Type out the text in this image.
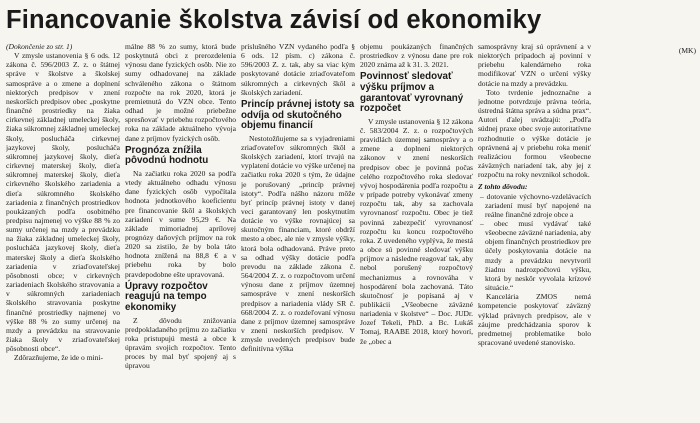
Financovanie školstva závisí od ekonomiky

(Dokončenie zo str. 1)

V zmysle ustanovenia § 6 ods. 12 zákona č. 596/2003 Z. z. o štátnej správe v školstve a školskej samospráve a o zmene a doplnení niektorých predpisov v znení neskorších predpisov obec „poskytne finančné prostriedky na žiaka cirkevnej základnej umeleckej školy, žiaka súkromnej základnej umeleckej školy, poslucháča cirkevnej jazykovej školy, poslucháča súkromnej jazykovej školy, dieťa cirkevnej materskej školy, dieťa súkromnej materskej školy, dieťa cirkevného školského zariadenia a dieťa súkromného školského zariadenia z finančných prostriedkov poukázaných podľa osobitného predpisu najmenej vo výške 88 % zo sumy určenej na mzdy a prevádzku na žiaka základnej umeleckej školy, poslucháča jazykovej školy, dieťa materskej školy a dieťa školského zariadenia v zriaďovateľskej pôsobnosti obce; v cirkevných zariadeniach školského stravovania a v súkromných zariadeniach školského stravovania poskytne finančné prostriedky najmenej vo výške 88 % zo sumy určenej na mzdy a prevádzku na stravovanie žiaka školy v zriaďovateľskej pôsobnosti obce“.

Zdôrazňujeme, že ide o mini-

málne 88 % zo sumy, ktorá bude poskytnutá obci z prerozdelenia výnosu dane fyzických osôb. Nie zo sumy odhadovanej na základe schváleného zákona o štátnom rozpočte na rok 2020, ktorá je premietnutá do VZN obce. Tento odhad je možné priebežne spresňovať v priebehu rozpočtového roka na základe aktuálneho vývoja dane z príjmov fyzických osôb.

Prognóza znížila pôvodnú hodnotu

Na začiatku roka 2020 sa podľa vtedy aktuálneho odhadu výnosu dane fyzických osôb vypočítala hodnota jednotkového koeficientu pre financovanie škôl a školských zariadení v sume 95,29 €. Na základe mimoriadnej aprílovej prognózy daňových príjmov na rok 2020 sa zistilo, že by bola táto hodnota znížená na 88,8 € a v priebehu roka by bolo pravdepodobne ešte upravovaná.

Úpravy rozpočtov reagujú na tempo ekonomiky

Z dôvodu znižovania predpokladaného príjmu zo začiatku roka pristupujú mestá a obce k úpravám svojich rozpočtov. Tento proces by mal byť spojený aj s úpravou

príslušného VZN vydaného podľa § 6 ods. 12 písm. c) zákona č. 596/2003 Z. z. tak, aby sa viac kým poskytované dotácie zriaďovateľom súkromných a cirkevných škôl a školských zariadení.

Princíp právnej istoty sa odvíja od skutočného objemu financií

Nestotožňujeme sa s vyjadreniami zriaďovateľov súkromných škôl a školských zariadení, ktorí trvajú na vyplatení dotácie vo výške určenej na začiatku roka 2020 s tým, že údajne je porušovaný „princíp právnej istoty“. Podľa nášho názoru môže byť princíp právnej istoty v danej veci garantovaný len poskytnutím dotácie vo výške rovnajúcej sa skutočným financiam, ktoré obdrží mesto a obec, ale nie v zmysle výšky, ktorá bola odhadovaná. Práve preto sa odhad výšky dotácie podľa prevodu na základe zákona č. 564/2004 Z. z. o rozpočtovom určení výnosu dane z príjmov územnej samospráve v znení neskorších predpisov a nariadenia vlády SR č. 668/2004 Z. z. o rozdeľovaní výnosu dane z príjmov územnej samospráve v znení neskorších predpisov. V zmysle uvedených predpisov bude definitívna výška

objemu poukázaných finančných prostriedkov z výnosu dane pre rok 2020 známa až k 31. 3. 2021.

Povinnosť sledovať výšku príjmov a garantovať vyrovnaný rozpočet

V zmysle ustanovenia § 12 zákona č. 583/2004 Z. z. o rozpočtových pravidlách územnej samosprávy a o zmene a doplnení niektorých zákonov v znení neskorších predpisov obec je povinná počas celého rozpočtového roka sledovať vývoj hospodárenia podľa rozpočtu a v prípade potreby vykonávať zmeny rozpočtu tak, aby sa zachovala vyrovnanosť rozpočtu. Obec je tiež povinná zabezpečiť vyrovnanosť rozpočtu ku koncu rozpočtového roka. Z uvedeného vyplýva, že mestá a obce sú povinné sledovať výšku príjmov a následne reagovať tak, aby nebol porušený rozpočtový mechanizmus a rovnováha v hospodárení bola zachovaná. Táto skutočnosť je popísaná aj v publikácii „Všeobecne záväzné nariadenia v školstve“ – Doc. JUDr. Jozef Tekeli, PhD. a Bc. Lukáš Tomaj, RAABE 2018, ktorý hovorí, že „obec a

samosprávny kraj sú oprávnení a v niektorých prípadoch aj povinní v priebehu kalendárneho roka modifikovať VZN o určení výšky dotácie na mzdy a prevádzku.

Toto tvrdenie jednoznačne a jednotne potvrdzuje právna teória, ústredná štátna správa a súdna prax“. Autori ďalej uvádzajú: „Podľa súdnej praxe obec svoje autoritatívne rozhodnutie o výške dotácie je oprávnená aj v priebehu roka meniť realizáciou formou všeobecne záväzných nariadení tak, aby jej z rozpočtu na roky nevznikol schodok.

Z tohto dôvodu:

– dotovanie výchovno-vzdelávacích zariadení musí byť napojené na reálne finančné zdroje obce a

– obec musí vydávať také všeobecne záväzné nariadenia, aby objem finančných prostriedkov pre účely poskytovania dotácie na mzdy a prevádzku nevytvoril žiadnu nadrozpočtovú výšku, ktorá by neskôr vyvolala krízové situácie.“

Kancelária ZMOS nemá kompetencie poskytovať záväzný výklad právnych predpisov, ale v záujme predchádzania sporov k predmetnej problematike bolo spracované uvedené stanovisko.

(MK)
